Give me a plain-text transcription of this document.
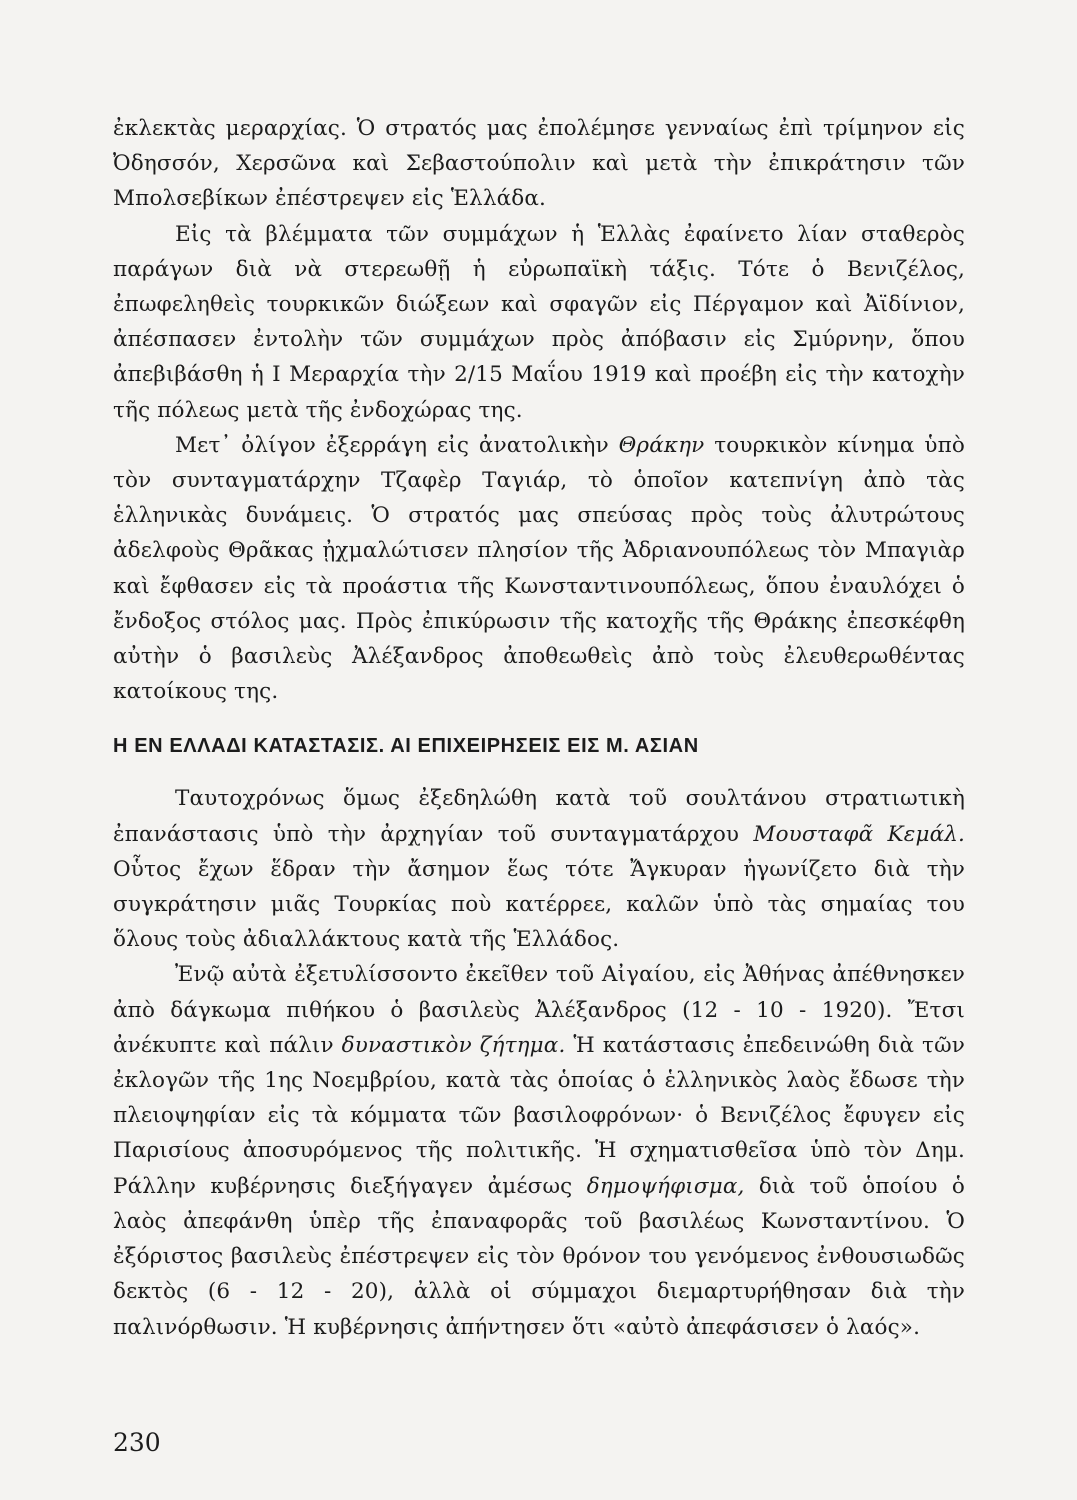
ἐκλεκτὰς μεραρχίας. Ὁ στρατός μας ἐπολέμησε γενναίως ἐπὶ τρίμηνον εἰς Ὀδησσόν, Χερσῶνα καὶ Σεβαστούπολιν καὶ μετὰ τὴν ἐπικράτησιν τῶν Μπολσεβίκων ἐπέστρεψεν εἰς Ἑλλάδα.

Εἰς τὰ βλέμματα τῶν συμμάχων ἡ Ἑλλὰς ἐφαίνετο λίαν σταθερὸς παράγων διὰ νὰ στερεωθῇ ἡ εὐρωπαϊκὴ τάξις. Τότε ὁ Βενιζέλος, ἐπωφεληθεὶς τουρκικῶν διώξεων καὶ σφαγῶν εἰς Πέργαμον καὶ Ἀϊδίνιον, ἀπέσπασεν ἐντολὴν τῶν συμμάχων πρὸς ἀπόβασιν εἰς Σμύρνην, ὅπου ἀπεβιβάσθη ἡ Ι Μεραρχία τὴν 2/15 Μαΐου 1919 καὶ προέβη εἰς τὴν κατοχὴν τῆς πόλεως μετὰ τῆς ἐνδοχώρας της.

Μετ᾽ ὀλίγον ἐξερράγη εἰς ἀνατολικὴν Θράκην τουρκικὸν κίνημα ὑπὸ τὸν συνταγματάρχην Τζαφὲρ Ταγιάρ, τὸ ὁποῖον κατεπνίγη ἀπὸ τὰς ἑλληνικὰς δυνάμεις. Ὁ στρατός μας σπεύσας πρὸς τοὺς ἀλυτρώτους ἀδελφοὺς Θρᾶκας ᾐχμαλώτισεν πλησίον τῆς Ἀδριανουπόλεως τὸν Μπαγιὰρ καὶ ἔφθασεν εἰς τὰ προάστια τῆς Κωνσταντινουπόλεως, ὅπου ἐναυλόχει ὁ ἔνδοξος στόλος μας. Πρὸς ἐπικύρωσιν τῆς κατοχῆς τῆς Θράκης ἐπεσκέφθη αὐτὴν ὁ βασιλεὺς Ἀλέξανδρος ἀποθεωθεὶς ἀπὸ τοὺς ἐλευθερωθέντας κατοίκους της.

Η ΕΝ ΕΛΛΑΔΙ ΚΑΤΑΣΤΑΣΙΣ. ΑΙ ΕΠΙΧΕΙΡΗΣΕΙΣ ΕΙΣ Μ. ΑΣΙΑΝ

Ταυτοχρόνως ὅμως ἐξεδηλώθη κατὰ τοῦ σουλτάνου στρατιωτικὴ ἐπανάστασις ὑπὸ τὴν ἀρχηγίαν τοῦ συνταγματάρχου Μουσταφᾶ Κεμάλ. Οὗτος ἔχων ἕδραν τὴν ἄσημον ἕως τότε Ἄγκυραν ἠγωνίζετο διὰ τὴν συγκράτησιν μιᾶς Τουρκίας ποὺ κατέρρεε, καλῶν ὑπὸ τὰς σημαίας του ὅλους τοὺς ἀδιαλλάκτους κατὰ τῆς Ἑλλάδος.

Ἐνῷ αὐτὰ ἐξετυλίσσοντο ἐκεῖθεν τοῦ Αἰγαίου, εἰς Ἀθήνας ἀπέθνησκεν ἀπὸ δάγκωμα πιθήκου ὁ βασιλεὺς Ἀλέξανδρος (12 - 10 - 1920). Ἔτσι ἀνέκυπτε καὶ πάλιν δυναστικὸν ζήτημα. Ἡ κατάστασις ἐπεδεινώθη διὰ τῶν ἐκλογῶν τῆς 1ης Νοεμβρίου, κατὰ τὰς ὁποίας ὁ ἑλληνικὸς λαὸς ἔδωσε τὴν πλειοψηφίαν εἰς τὰ κόμματα τῶν βασιλοφρόνων· ὁ Βενιζέλος ἔφυγεν εἰς Παρισίους ἀποσυρόμενος τῆς πολιτικῆς. Ἡ σχηματισθεῖσα ὑπὸ τὸν Δημ. Ράλλην κυβέρνησις διεξήγαγεν ἀμέσως δημοψήφισμα, διὰ τοῦ ὁποίου ὁ λαὸς ἀπεφάνθη ὑπὲρ τῆς ἐπαναφορᾶς τοῦ βασιλέως Κωνσταντίνου. Ὁ ἐξόριστος βασιλεὺς ἐπέστρεψεν εἰς τὸν θρόνον του γενόμενος ἐνθουσιωδῶς δεκτὸς (6 - 12 - 20), ἀλλὰ οἱ σύμμαχοι διεμαρτυρήθησαν διὰ τὴν παλινόρθωσιν. Ἡ κυβέρνησις ἀπήντησεν ὅτι «αὐτὸ ἀπεφάσισεν ὁ λαός».

230
